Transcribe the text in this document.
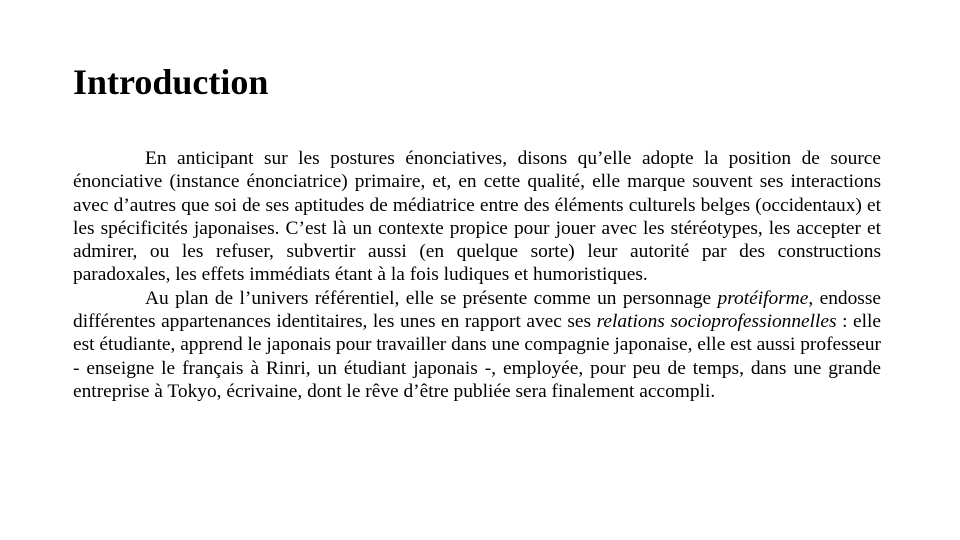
Introduction

En anticipant sur les postures énonciatives, disons qu’elle adopte la position de source énonciative (instance énonciatrice) primaire, et, en cette qualité, elle marque souvent ses interactions avec d’autres que soi de ses aptitudes de médiatrice entre des éléments culturels belges (occidentaux) et les spécificités japonaises. C’est là un contexte propice pour jouer avec les stéréotypes, les accepter et admirer, ou les refuser, subvertir aussi (en quelque sorte) leur autorité par des constructions paradoxales, les effets immédiats étant à la fois ludiques et humoristiques.

Au plan de l’univers référentiel, elle se présente comme un personnage protéiforme, endosse différentes appartenances identitaires, les unes en rapport avec ses relations socioprofessionnelles : elle est étudiante, apprend le japonais pour travailler dans une compagnie japonaise, elle est aussi professeur - enseigne le français à Rinri, un étudiant japonais -, employée, pour peu de temps, dans une grande entreprise à Tokyo, écrivaine, dont le rêve d’être publiée sera finalement accompli.
